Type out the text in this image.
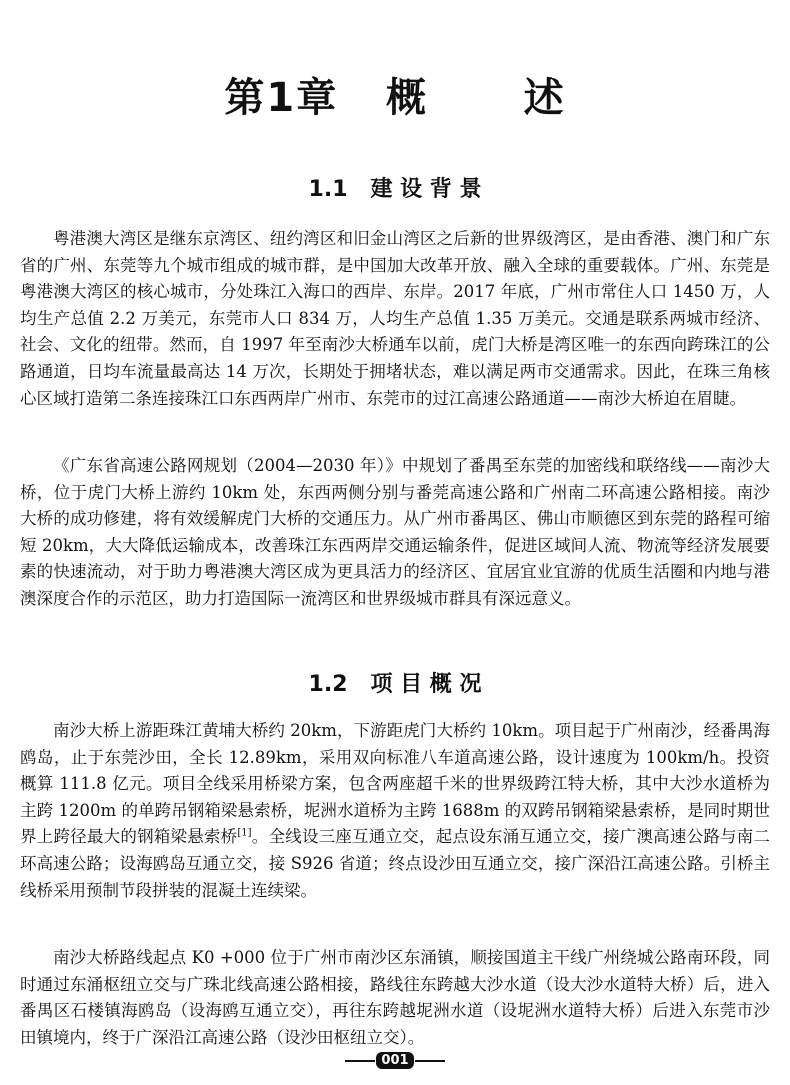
第1章   概      述
1.1   建 设 背 景

粤港澳大湾区是继东京湾区、纽约湾区和旧金山湾区之后新的世界级湾区，是由香港、澳门和广东省的广州、东莞等九个城市组成的城市群，是中国加大改革开放、融入全球的重要载体。广州、东莞是粤港澳大湾区的核心城市，分处珠江入海口的西岸、东岸。2017 年底，广州市常住人口 1450 万，人均生产总值 2.2 万美元，东莞市人口 834 万，人均生产总值 1.35 万美元。交通是联系两城市经济、社会、文化的纽带。然而，自 1997 年至南沙大桥通车以前，虎门大桥是湾区唯一的东西向跨珠江的公路通道，日均车流量最高达 14 万次，长期处于拥堵状态，难以满足两市交通需求。因此，在珠三角核心区域打造第二条连接珠江口东西两岸广州市、东莞市的过江高速公路通道——南沙大桥迫在眉睫。

《广东省高速公路网规划（2004—2030 年）》中规划了番禺至东莞的加密线和联络线——南沙大桥，位于虎门大桥上游约 10km 处，东西两侧分别与番莞高速公路和广州南二环高速公路相接。南沙大桥的成功修建，将有效缓解虎门大桥的交通压力。从广州市番禺区、佛山市顺德区到东莞的路程可缩短 20km，大大降低运输成本，改善珠江东西两岸交通运输条件，促进区域间人流、物流等经济发展要素的快速流动，对于助力粤港澳大湾区成为更具活力的经济区、宜居宜业宜游的优质生活圈和内地与港澳深度合作的示范区，助力打造国际一流湾区和世界级城市群具有深远意义。

1.2   项 目 概 况

南沙大桥上游距珠江黄埔大桥约 20km，下游距虎门大桥约 10km。项目起于广州南沙，经番禺海鸥岛，止于东莞沙田，全长 12.89km，采用双向标准八车道高速公路，设计速度为 100km/h。投资概算 111.8 亿元。项目全线采用桥梁方案，包含两座超千米的世界级跨江特大桥，其中大沙水道桥为主跨 1200m 的单跨吊钢箱梁悬索桥，坭洲水道桥为主跨 1688m 的双跨吊钢箱梁悬索桥，是同时期世界上跨径最大的钢箱梁悬索桥[1]。全线设三座互通立交，起点设东涌互通立交，接广澳高速公路与南二环高速公路；设海鸥岛互通立交，接 S926 省道；终点设沙田互通立交，接广深沿江高速公路。引桥主线桥采用预制节段拼装的混凝土连续梁。

南沙大桥路线起点 K0 +000 位于广州市南沙区东涌镇，顺接国道主干线广州绕城公路南环段，同时通过东涌枢纽立交与广珠北线高速公路相接，路线往东跨越大沙水道（设大沙水道特大桥）后，进入番禺区石楼镇海鸥岛（设海鸥互通立交），再往东跨越坭洲水道（设坭洲水道特大桥）后进入东莞市沙田镇境内，终于广深沿江高速公路（设沙田枢纽立交）。

001
